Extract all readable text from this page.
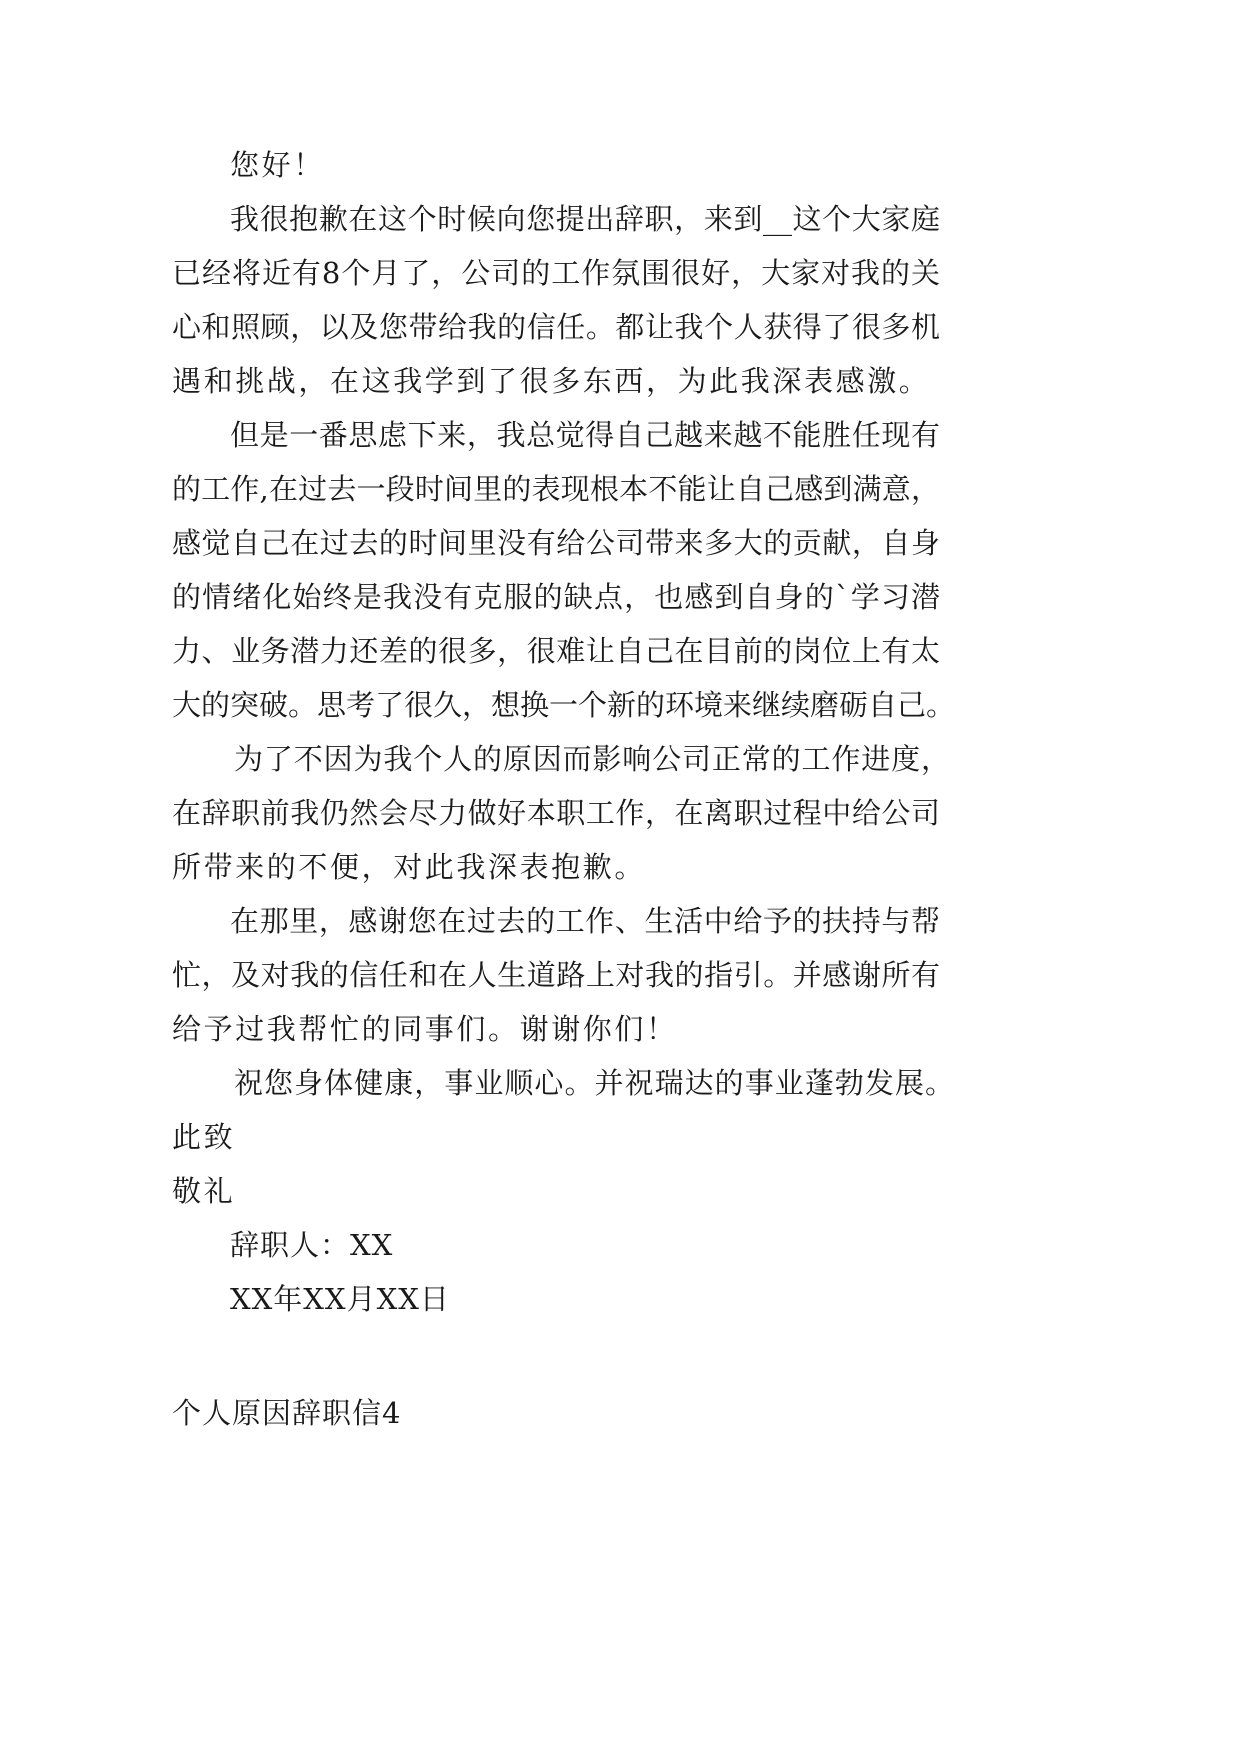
您好！
我很抱歉在这个时候向您提出辞职，来到__这个大家庭
已经将近有8个月了，公司的工作氛围很好，大家对我的关
心和照顾，以及您带给我的信任。都让我个人获得了很多机
遇和挑战，在这我学到了很多东西，为此我深表感激。
但是一番思虑下来，我总觉得自己越来越不能胜任现有
的工作,在过去一段时间里的表现根本不能让自己感到满意，
感觉自己在过去的时间里没有给公司带来多大的贡献，自身
的情绪化始终是我没有克服的缺点，也感到自身的`学习潜
力、业务潜力还差的很多，很难让自己在目前的岗位上有太
大的突破。思考了很久，想换一个新的环境来继续磨砺自己。
为了不因为我个人的原因而影响公司正常的工作进度，
在辞职前我仍然会尽力做好本职工作，在离职过程中给公司
所带来的不便，对此我深表抱歉。
在那里，感谢您在过去的工作、生活中给予的扶持与帮
忙，及对我的信任和在人生道路上对我的指引。并感谢所有
给予过我帮忙的同事们。谢谢你们！
祝您身体健康，事业顺心。并祝瑞达的事业蓬勃发展。
此致
敬礼
辞职人：XX
XX年XX月XX日
个人原因辞职信4
